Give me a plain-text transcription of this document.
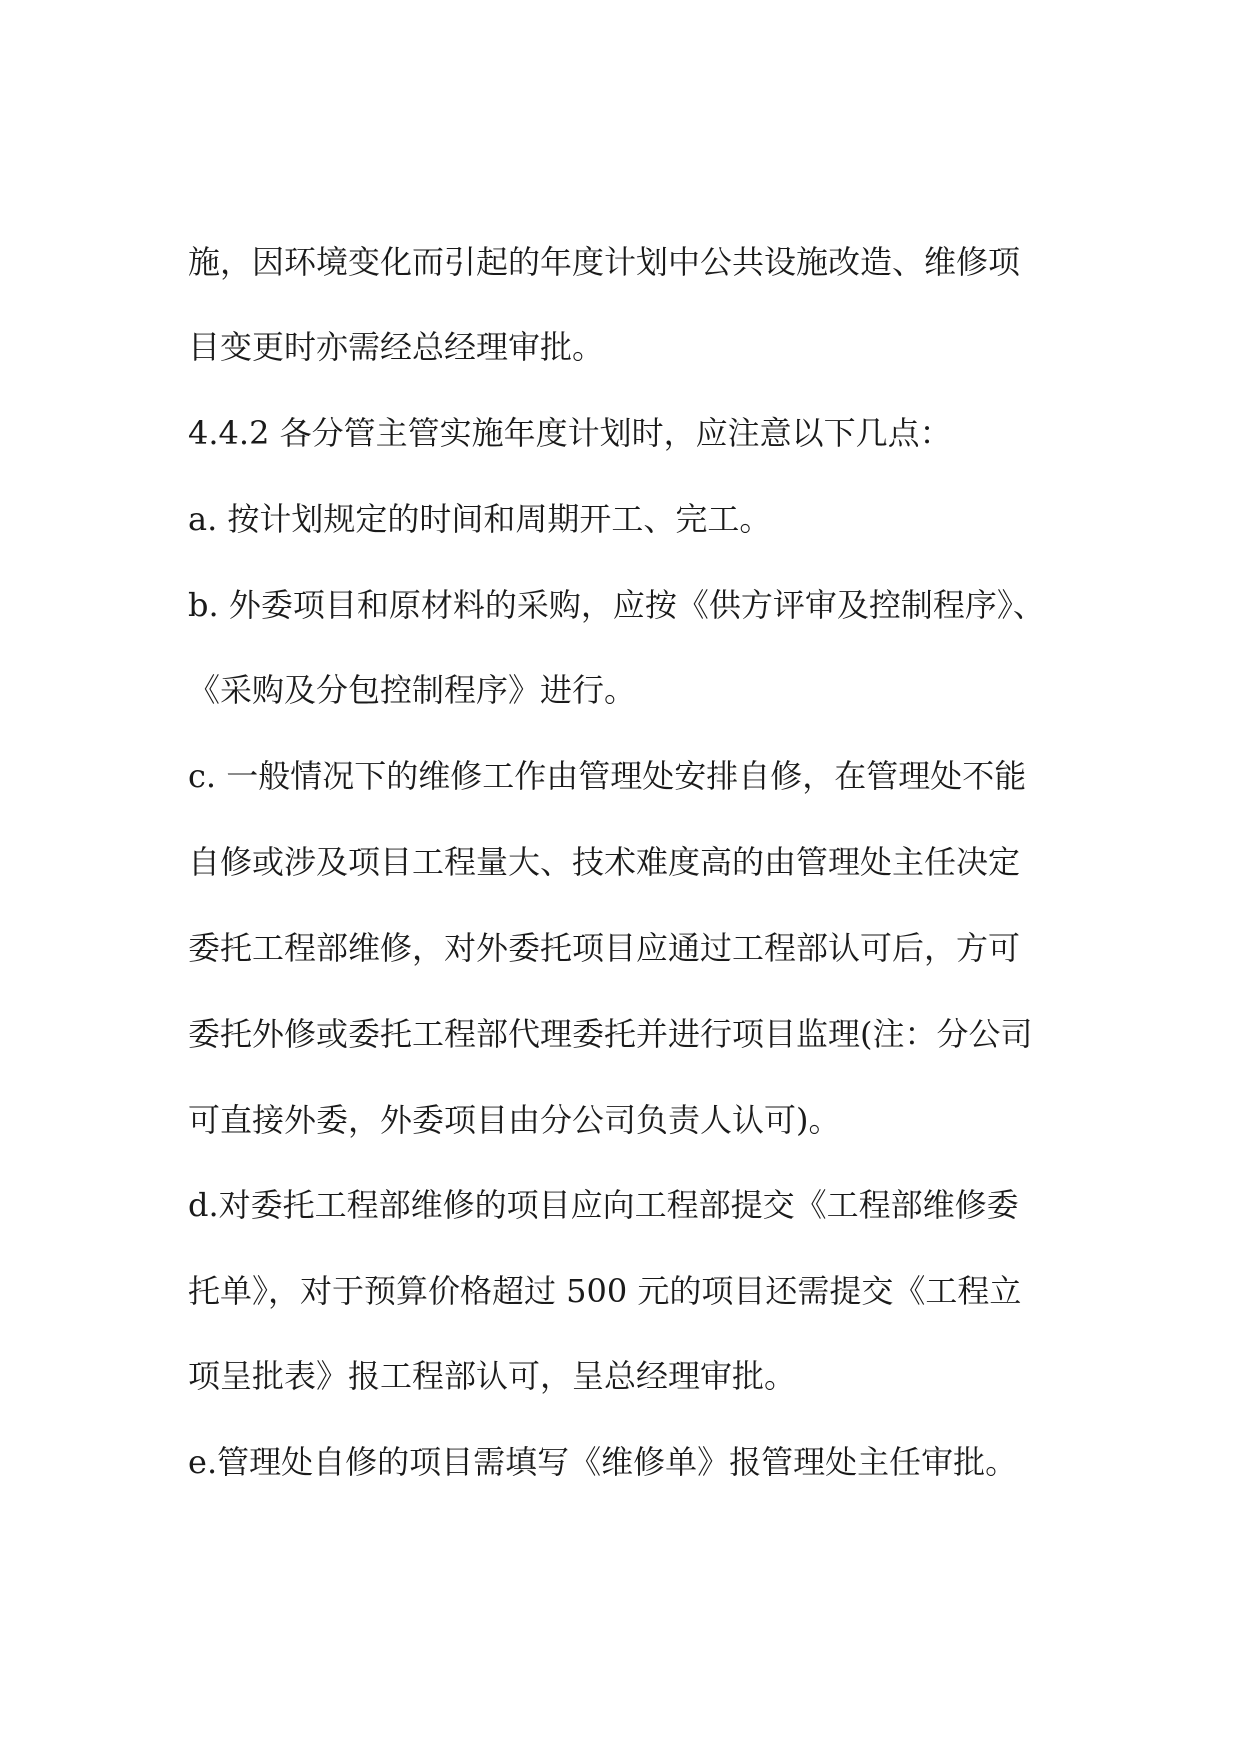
施，因环境变化而引起的年度计划中公共设施改造、维修项
目变更时亦需经总经理审批。
4.4.2 各分管主管实施年度计划时，应注意以下几点：
a. 按计划规定的时间和周期开工、完工。
b. 外委项目和原材料的采购，应按《供方评审及控制程序》、
《采购及分包控制程序》进行。
c. 一般情况下的维修工作由管理处安排自修，在管理处不能
自修或涉及项目工程量大、技术难度高的由管理处主任决定
委托工程部维修，对外委托项目应通过工程部认可后，方可
委托外修或委托工程部代理委托并进行项目监理(注：分公司
可直接外委，外委项目由分公司负责人认可)。
d.对委托工程部维修的项目应向工程部提交《工程部维修委
托单》，对于预算价格超过 500 元的项目还需提交《工程立
项呈批表》报工程部认可，呈总经理审批。
e.管理处自修的项目需填写《维修单》报管理处主任审批。
